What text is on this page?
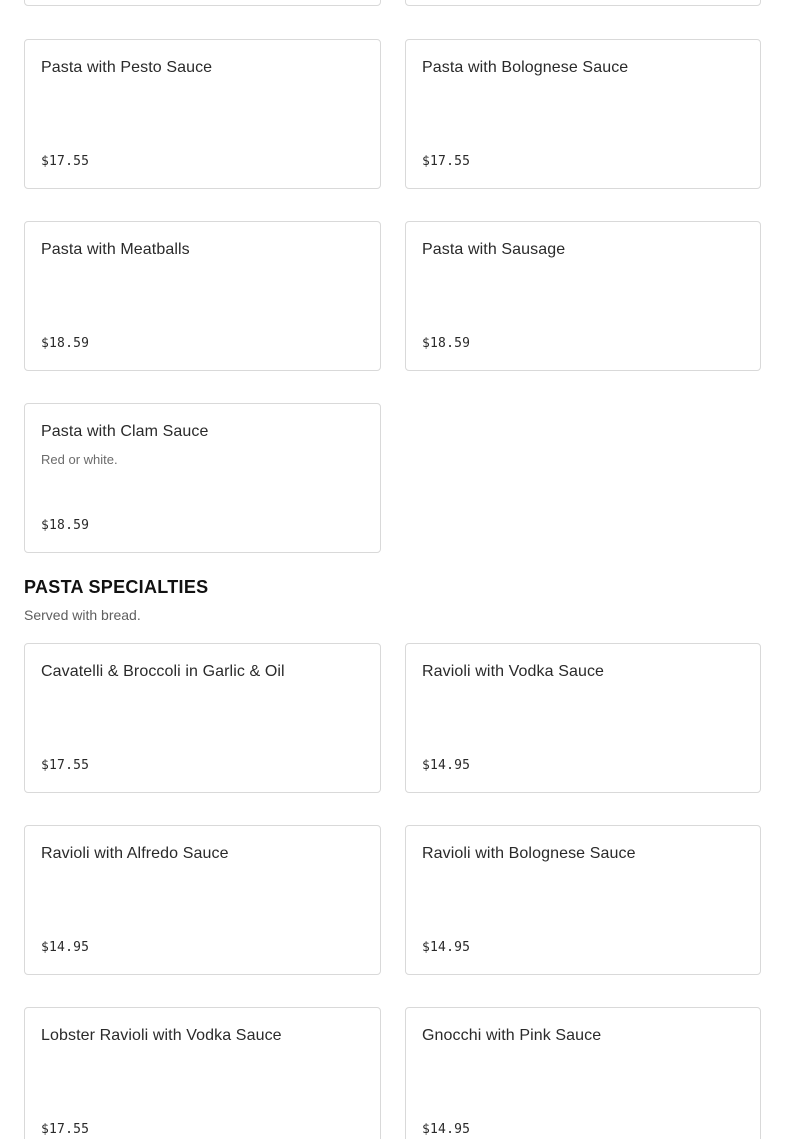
Pasta with Pesto Sauce
$17.55
Pasta with Bolognese Sauce
$17.55
Pasta with Meatballs
$18.59
Pasta with Sausage
$18.59
Pasta with Clam Sauce
Red or white.
$18.59
PASTA SPECIALTIES
Served with bread.
Cavatelli & Broccoli in Garlic & Oil
$17.55
Ravioli with Vodka Sauce
$14.95
Ravioli with Alfredo Sauce
$14.95
Ravioli with Bolognese Sauce
$14.95
Lobster Ravioli with Vodka Sauce
$17.55
Gnocchi with Pink Sauce
$14.95
